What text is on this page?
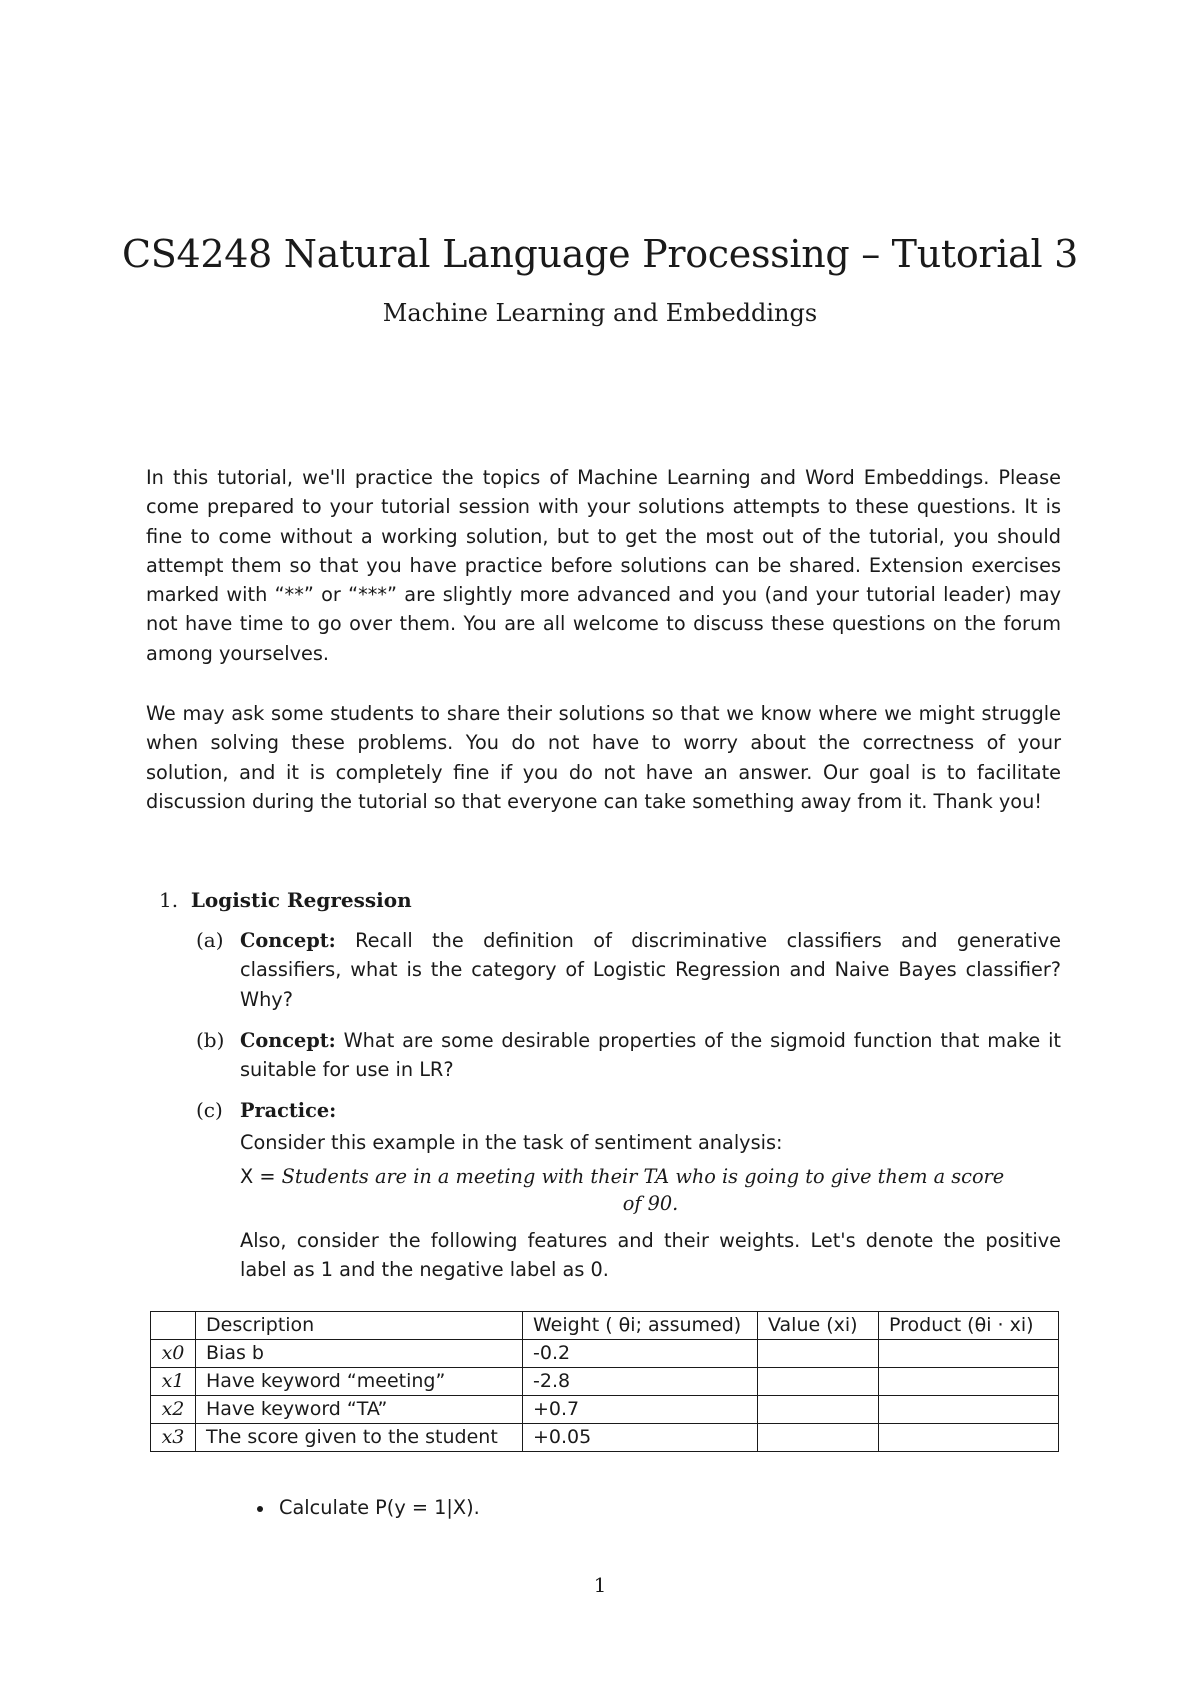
CS4248 Natural Language Processing – Tutorial 3
Machine Learning and Embeddings
In this tutorial, we'll practice the topics of Machine Learning and Word Embeddings. Please come prepared to your tutorial session with your solutions attempts to these questions. It is fine to come without a working solution, but to get the most out of the tutorial, you should attempt them so that you have practice before solutions can be shared. Extension exercises marked with “**” or “***” are slightly more advanced and you (and your tutorial leader) may not have time to go over them. You are all welcome to discuss these questions on the forum among yourselves.
We may ask some students to share their solutions so that we know where we might struggle when solving these problems. You do not have to worry about the correctness of your solution, and it is completely fine if you do not have an answer. Our goal is to facilitate discussion during the tutorial so that everyone can take something away from it. Thank you!
1. Logistic Regression
(a) Concept: Recall the definition of discriminative classifiers and generative classifiers, what is the category of Logistic Regression and Naive Bayes classifier? Why?
(b) Concept: What are some desirable properties of the sigmoid function that make it suitable for use in LR?
(c) Practice:
Consider this example in the task of sentiment analysis:
X = Students are in a meeting with their TA who is going to give them a score
of 90.
Also, consider the following features and their weights. Let's denote the positive label as 1 and the negative label as 0.
	Description	Weight ( θi; assumed)	Value (xi)	Product (θi · xi)
x0	Bias b	-0.2		
x1	Have keyword “meeting”	-2.8		
x2	Have keyword “TA”	+0.7		
x3	The score given to the student	+0.05		
Calculate P(y = 1|X).
1
